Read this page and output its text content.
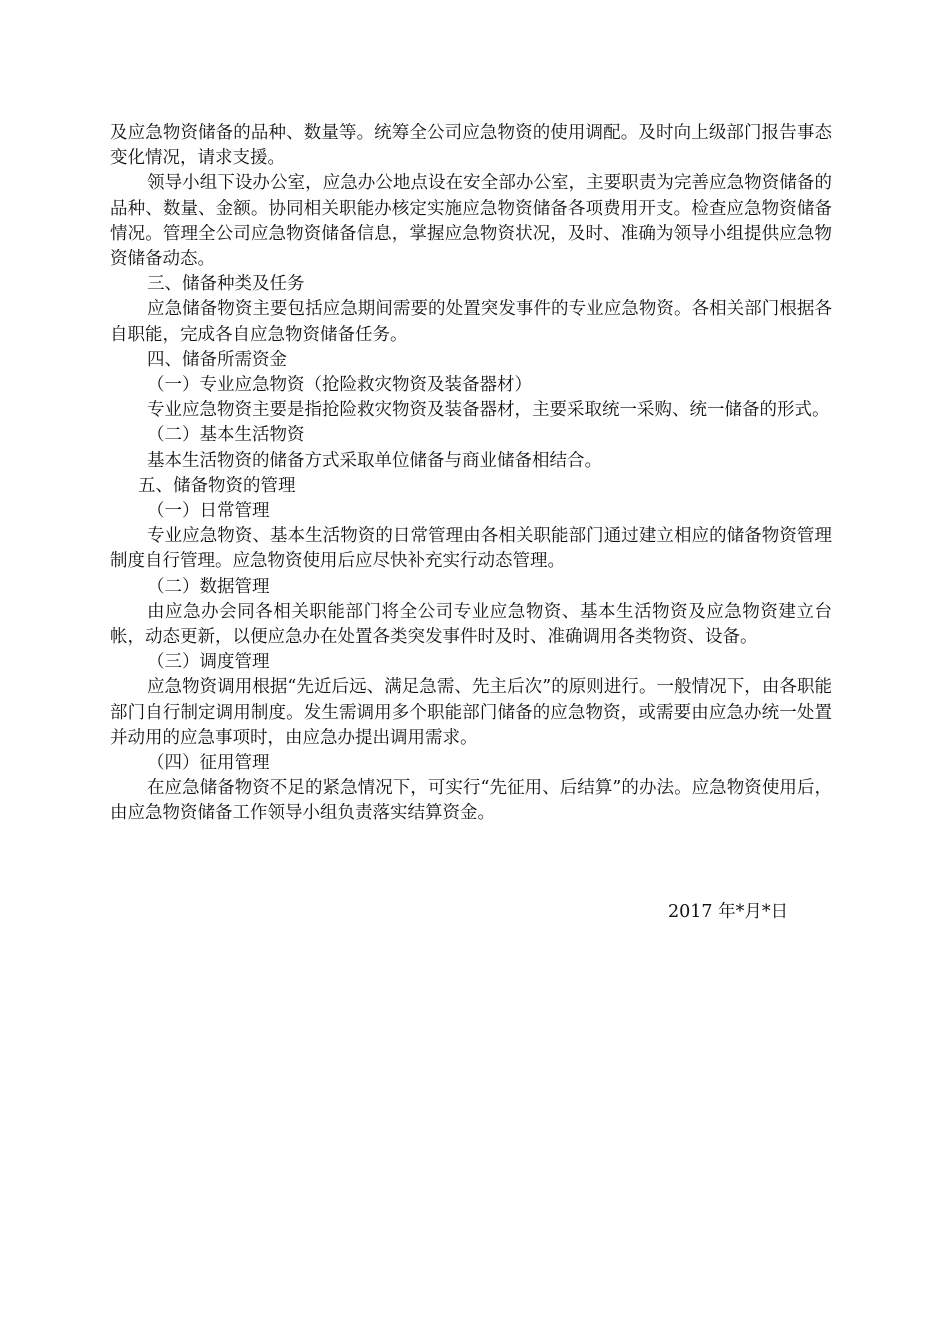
及应急物资储备的品种、数量等。统筹全公司应急物资的使用调配。及时向上级部门报告事态变化情况，请求支援。

领导小组下设办公室，应急办公地点设在安全部办公室，主要职责为完善应急物资储备的品种、数量、金额。协同相关职能办核定实施应急物资储备各项费用开支。检查应急物资储备情况。管理全公司应急物资储备信息，掌握应急物资状况，及时、准确为领导小组提供应急物资储备动态。

三、储备种类及任务

应急储备物资主要包括应急期间需要的处置突发事件的专业应急物资。各相关部门根据各自职能，完成各自应急物资储备任务。

四、储备所需资金

（一）专业应急物资（抢险救灾物资及装备器材）

专业应急物资主要是指抢险救灾物资及装备器材，主要采取统一采购、统一储备的形式。

（二）基本生活物资

基本生活物资的储备方式采取单位储备与商业储备相结合。

五、储备物资的管理

（一）日常管理

专业应急物资、基本生活物资的日常管理由各相关职能部门通过建立相应的储备物资管理制度自行管理。应急物资使用后应尽快补充实行动态管理。

（二）数据管理

由应急办会同各相关职能部门将全公司专业应急物资、基本生活物资及应急物资建立台帐，动态更新，以便应急办在处置各类突发事件时及时、准确调用各类物资、设备。

（三）调度管理

应急物资调用根据“先近后远、满足急需、先主后次”的原则进行。一般情况下，由各职能部门自行制定调用制度。发生需调用多个职能部门储备的应急物资，或需要由应急办统一处置并动用的应急事项时，由应急办提出调用需求。

（四）征用管理

在应急储备物资不足的紧急情况下，可实行“先征用、后结算”的办法。应急物资使用后，由应急物资储备工作领导小组负责落实结算资金。

2017 年*月*日
